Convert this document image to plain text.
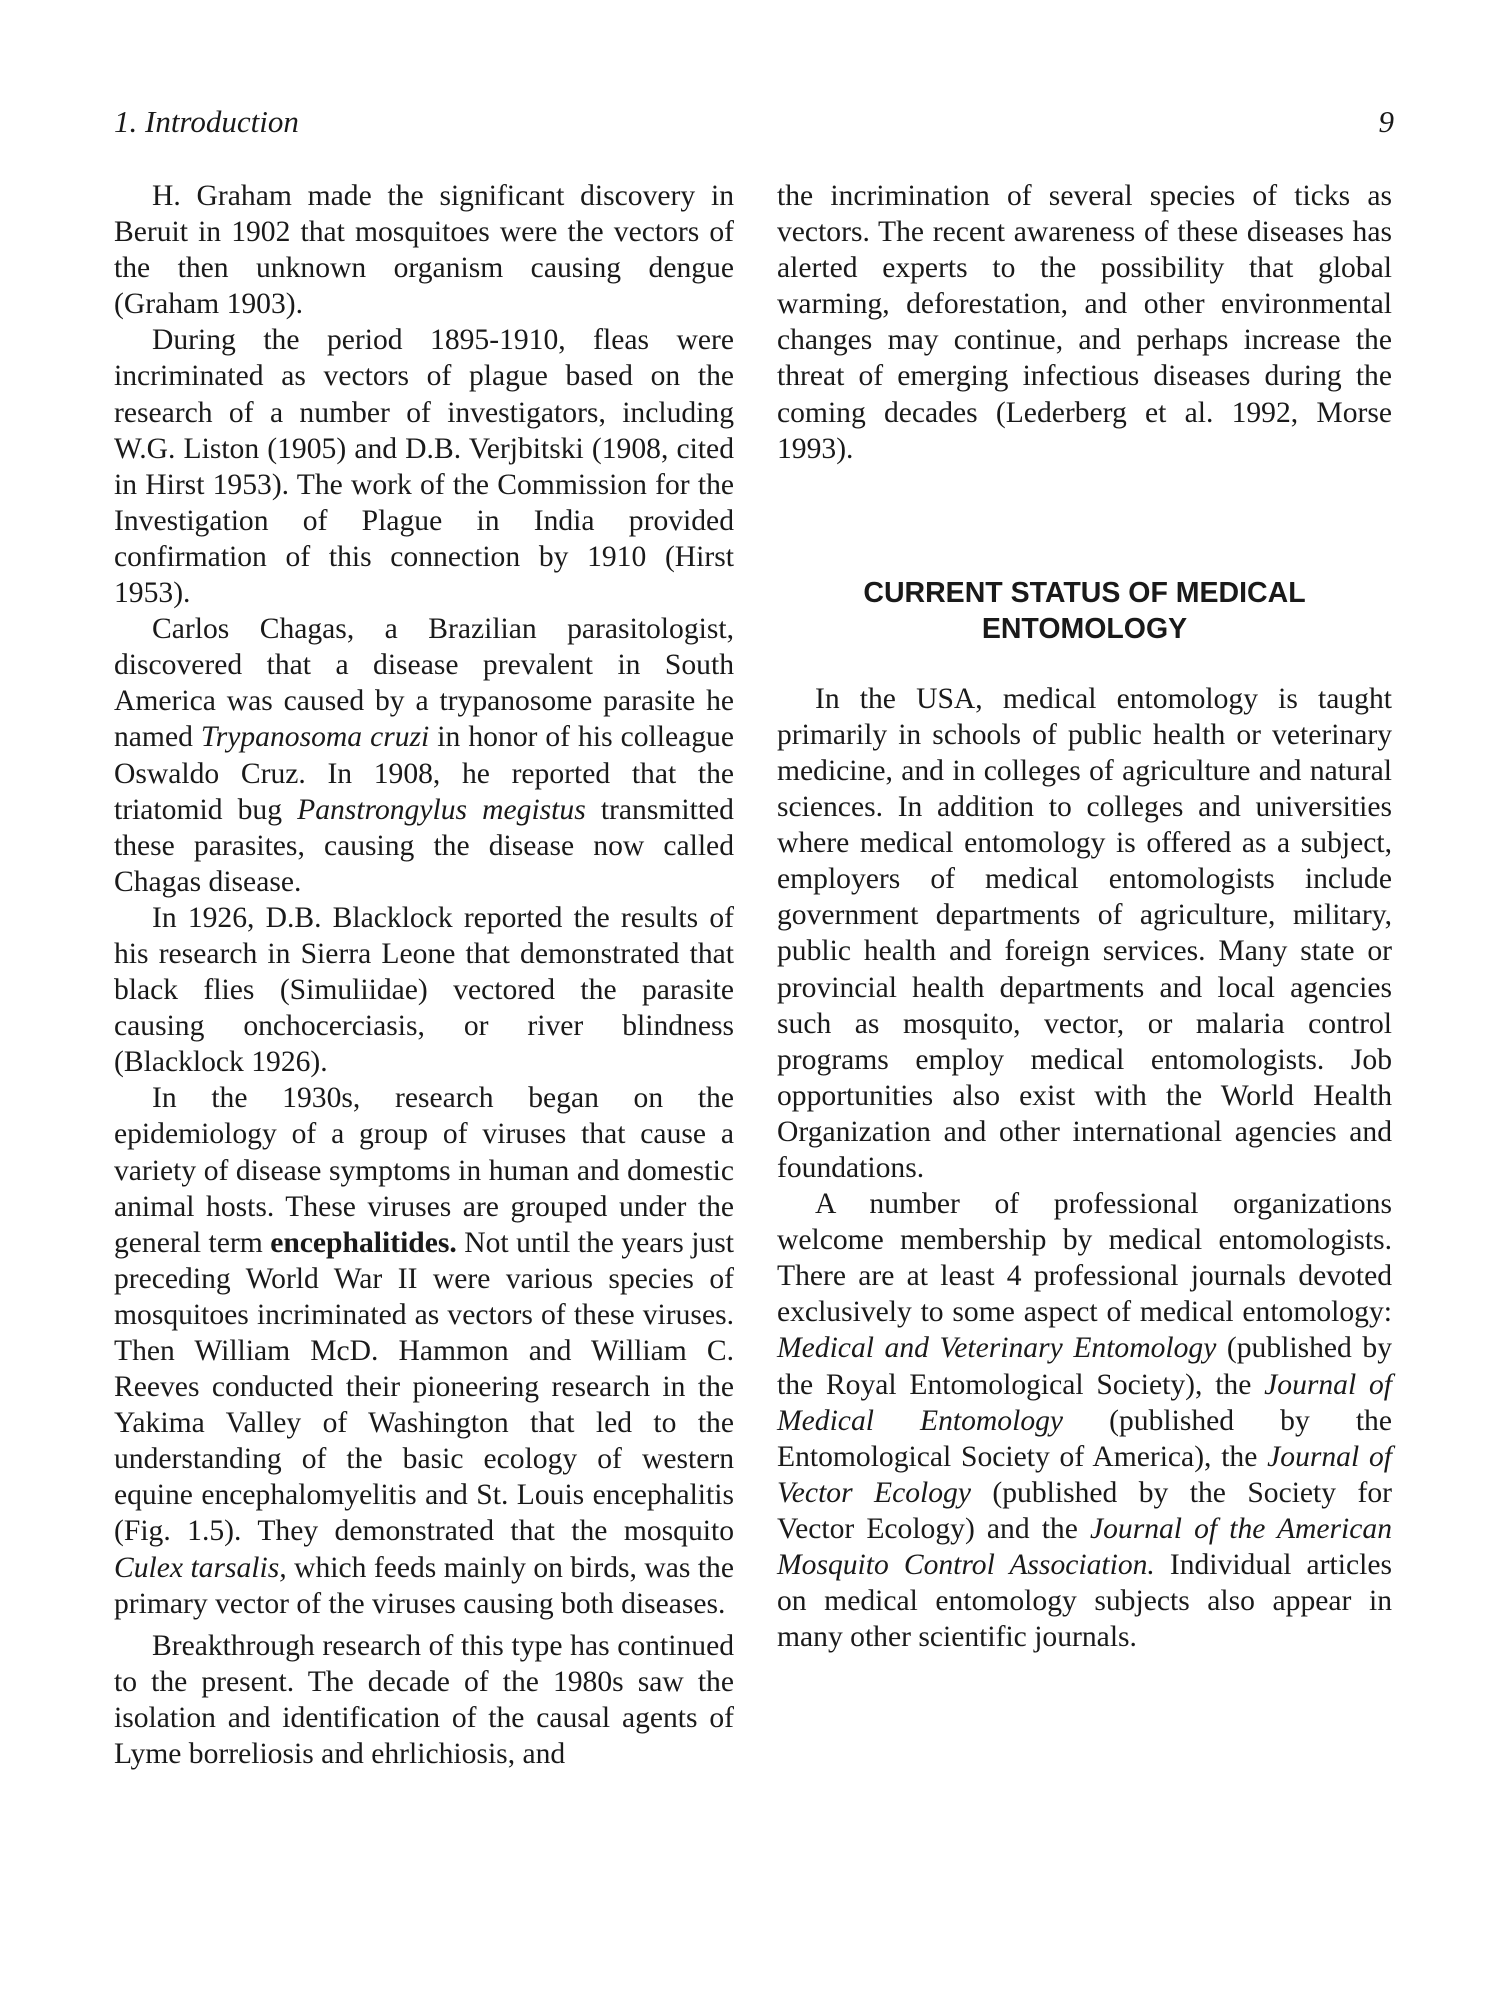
1. Introduction	9

H. Graham made the significant discovery in Beruit in 1902 that mosquitoes were the vectors of the then unknown organism causing dengue (Graham 1903).

During the period 1895-1910, fleas were incriminated as vectors of plague based on the research of a number of investigators, including W.G. Liston (1905) and D.B. Verjbitski (1908, cited in Hirst 1953). The work of the Commission for the Investigation of Plague in India provided confirmation of this connection by 1910 (Hirst 1953).

Carlos Chagas, a Brazilian parasitologist, discovered that a disease prevalent in South America was caused by a trypanosome parasite he named Trypanosoma cruzi in honor of his colleague Oswaldo Cruz. In 1908, he reported that the triatomid bug Panstrongylus megistus transmitted these parasites, causing the disease now called Chagas disease.

In 1926, D.B. Blacklock reported the results of his research in Sierra Leone that demonstrated that black flies (Simuliidae) vectored the parasite causing onchocerciasis, or river blindness (Blacklock 1926).

In the 1930s, research began on the epidemiology of a group of viruses that cause a variety of disease symptoms in human and domestic animal hosts. These viruses are grouped under the general term encephalitides. Not until the years just preceding World War II were various species of mosquitoes incriminated as vectors of these viruses. Then William McD. Hammon and William C. Reeves conducted their pioneering research in the Yakima Valley of Washington that led to the understanding of the basic ecology of western equine encephalomyelitis and St. Louis encephalitis (Fig. 1.5). They demonstrated that the mosquito Culex tarsalis, which feeds mainly on birds, was the primary vector of the viruses causing both diseases.

Breakthrough research of this type has continued to the present. The decade of the 1980s saw the isolation and identification of the causal agents of Lyme borreliosis and ehrlichiosis, and

the incrimination of several species of ticks as vectors. The recent awareness of these diseases has alerted experts to the possibility that global warming, deforestation, and other environmental changes may continue, and perhaps increase the threat of emerging infectious diseases during the coming decades (Lederberg et al. 1992, Morse 1993).

CURRENT STATUS OF MEDICAL
ENTOMOLOGY

In the USA, medical entomology is taught primarily in schools of public health or veterinary medicine, and in colleges of agriculture and natural sciences. In addition to colleges and universities where medical entomology is offered as a subject, employers of medical entomologists include government departments of agriculture, military, public health and foreign services. Many state or provincial health departments and local agencies such as mosquito, vector, or malaria control programs employ medical entomologists. Job opportunities also exist with the World Health Organization and other international agencies and foundations.

A number of professional organizations welcome membership by medical entomologists. There are at least 4 professional journals devoted exclusively to some aspect of medical entomology: Medical and Veterinary Entomology (published by the Royal Entomological Society), the Journal of Medical Entomology (published by the Entomological Society of America), the Journal of Vector Ecology (published by the Society for Vector Ecology) and the Journal of the American Mosquito Control Association. Individual articles on medical entomology subjects also appear in many other scientific journals.
